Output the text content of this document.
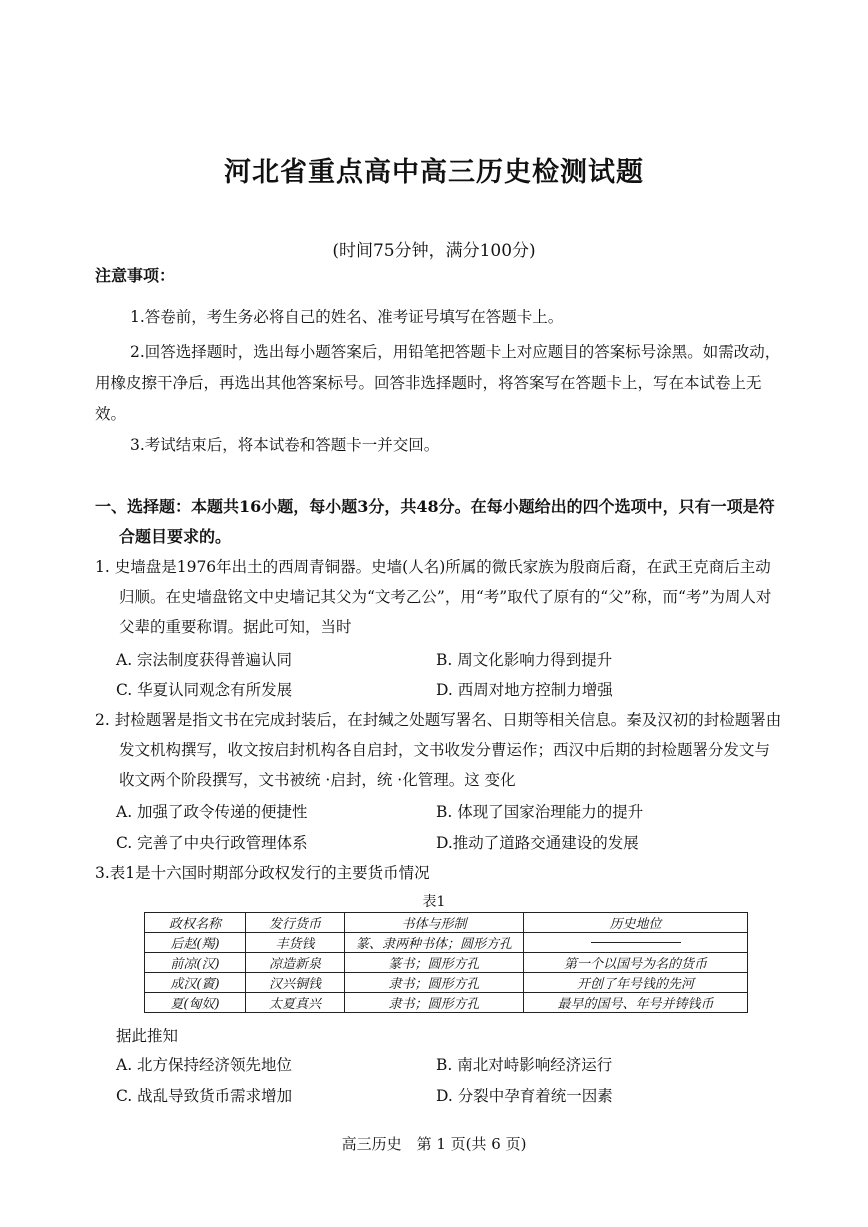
河北省重点高中高三历史检测试题
(时间75分钟，满分100分)
注意事项：
1.答卷前，考生务必将自己的姓名、准考证号填写在答题卡上。
2.回答选择题时，选出每小题答案后，用铅笔把答题卡上对应题目的答案标号涂黑。如需改动，用橡皮擦干净后，再选出其他答案标号。回答非选择题时，将答案写在答题卡上，写在本试卷上无效。
3.考试结束后，将本试卷和答题卡一并交回。
一、选择题：本题共16小题，每小题3分，共48分。在每小题给出的四个选项中，只有一项是符合题目要求的。
1. 史墙盘是1976年出土的西周青铜器。史墙(人名)所属的微氏家族为殷商后裔，在武王克商后主动归顺。在史墙盘铭文中史墙记其父为“文考乙公”，用“考”取代了原有的“父”称，而“考”为周人对父辈的重要称谓。据此可知，当时
A. 宗法制度获得普遍认同	B. 周文化影响力得到提升
C. 华夏认同观念有所发展	D. 西周对地方控制力增强
2. 封检题署是指文书在完成封装后，在封缄之处题写署名、日期等相关信息。秦及汉初的封检题署由发文机构撰写，收文按启封机构各自启封，文书收发分曹运作；西汉中后期的封检题署分发文与收文两个阶段撰写，文书被统 ·启封，统 ·化管理。这 变化
A. 加强了政令传递的便捷性	B. 体现了国家治理能力的提升
C. 完善了中央行政管理体系	D.推动了道路交通建设的发展
3.表1是十六国时期部分政权发行的主要货币情况
表1
政权名称	发行货币	书体与形制	历史地位
后赵(羯)	丰货钱	篆、隶两种书体；圆形方孔	
前凉(汉)	凉造新泉	篆书；圆形方孔	第一个以国号为名的货币
成汉(賨)	汉兴铜钱	隶书；圆形方孔	开创了年号钱的先河
夏(匈奴)	太夏真兴	隶书；圆形方孔	最早的国号、年号并铸钱币
据此推知
A. 北方保持经济领先地位	B. 南北对峙影响经济运行
C. 战乱导致货币需求增加	D. 分裂中孕育着统一因素
高三历史　第 1 页(共 6 页)
